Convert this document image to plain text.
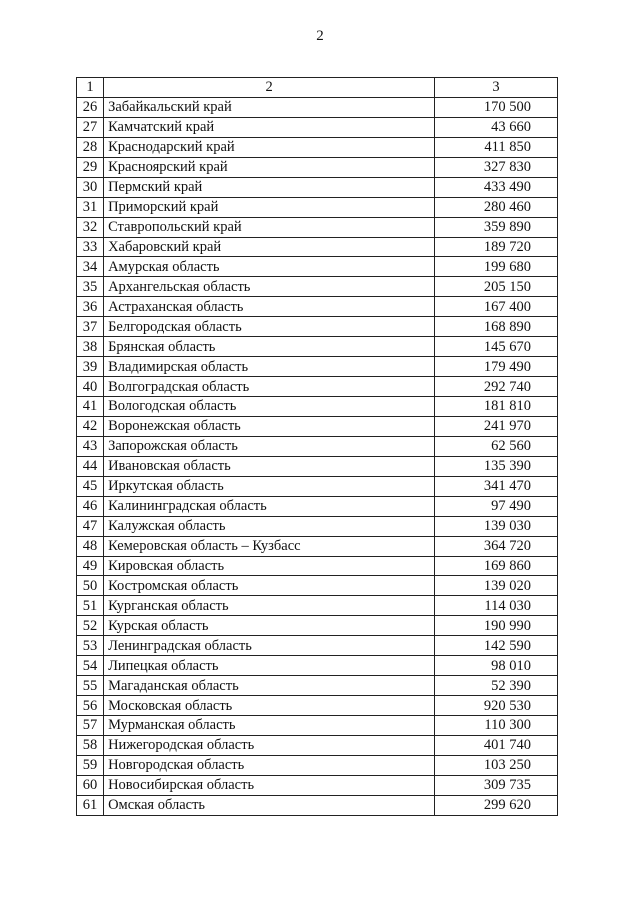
2
1	2	3
26	Забайкальский край	170 500
27	Камчатский край	43 660
28	Краснодарский край	411 850
29	Красноярский край	327 830
30	Пермский край	433 490
31	Приморский край	280 460
32	Ставропольский край	359 890
33	Хабаровский край	189 720
34	Амурская область	199 680
35	Архангельская область	205 150
36	Астраханская область	167 400
37	Белгородская область	168 890
38	Брянская область	145 670
39	Владимирская область	179 490
40	Волгоградская область	292 740
41	Вологодская область	181 810
42	Воронежская область	241 970
43	Запорожская область	62 560
44	Ивановская область	135 390
45	Иркутская область	341 470
46	Калининградская область	97 490
47	Калужская область	139 030
48	Кемеровская область – Кузбасс	364 720
49	Кировская область	169 860
50	Костромская область	139 020
51	Курганская область	114 030
52	Курская область	190 990
53	Ленинградская область	142 590
54	Липецкая область	98 010
55	Магаданская область	52 390
56	Московская область	920 530
57	Мурманская область	110 300
58	Нижегородская область	401 740
59	Новгородская область	103 250
60	Новосибирская область	309 735
61	Омская область	299 620
